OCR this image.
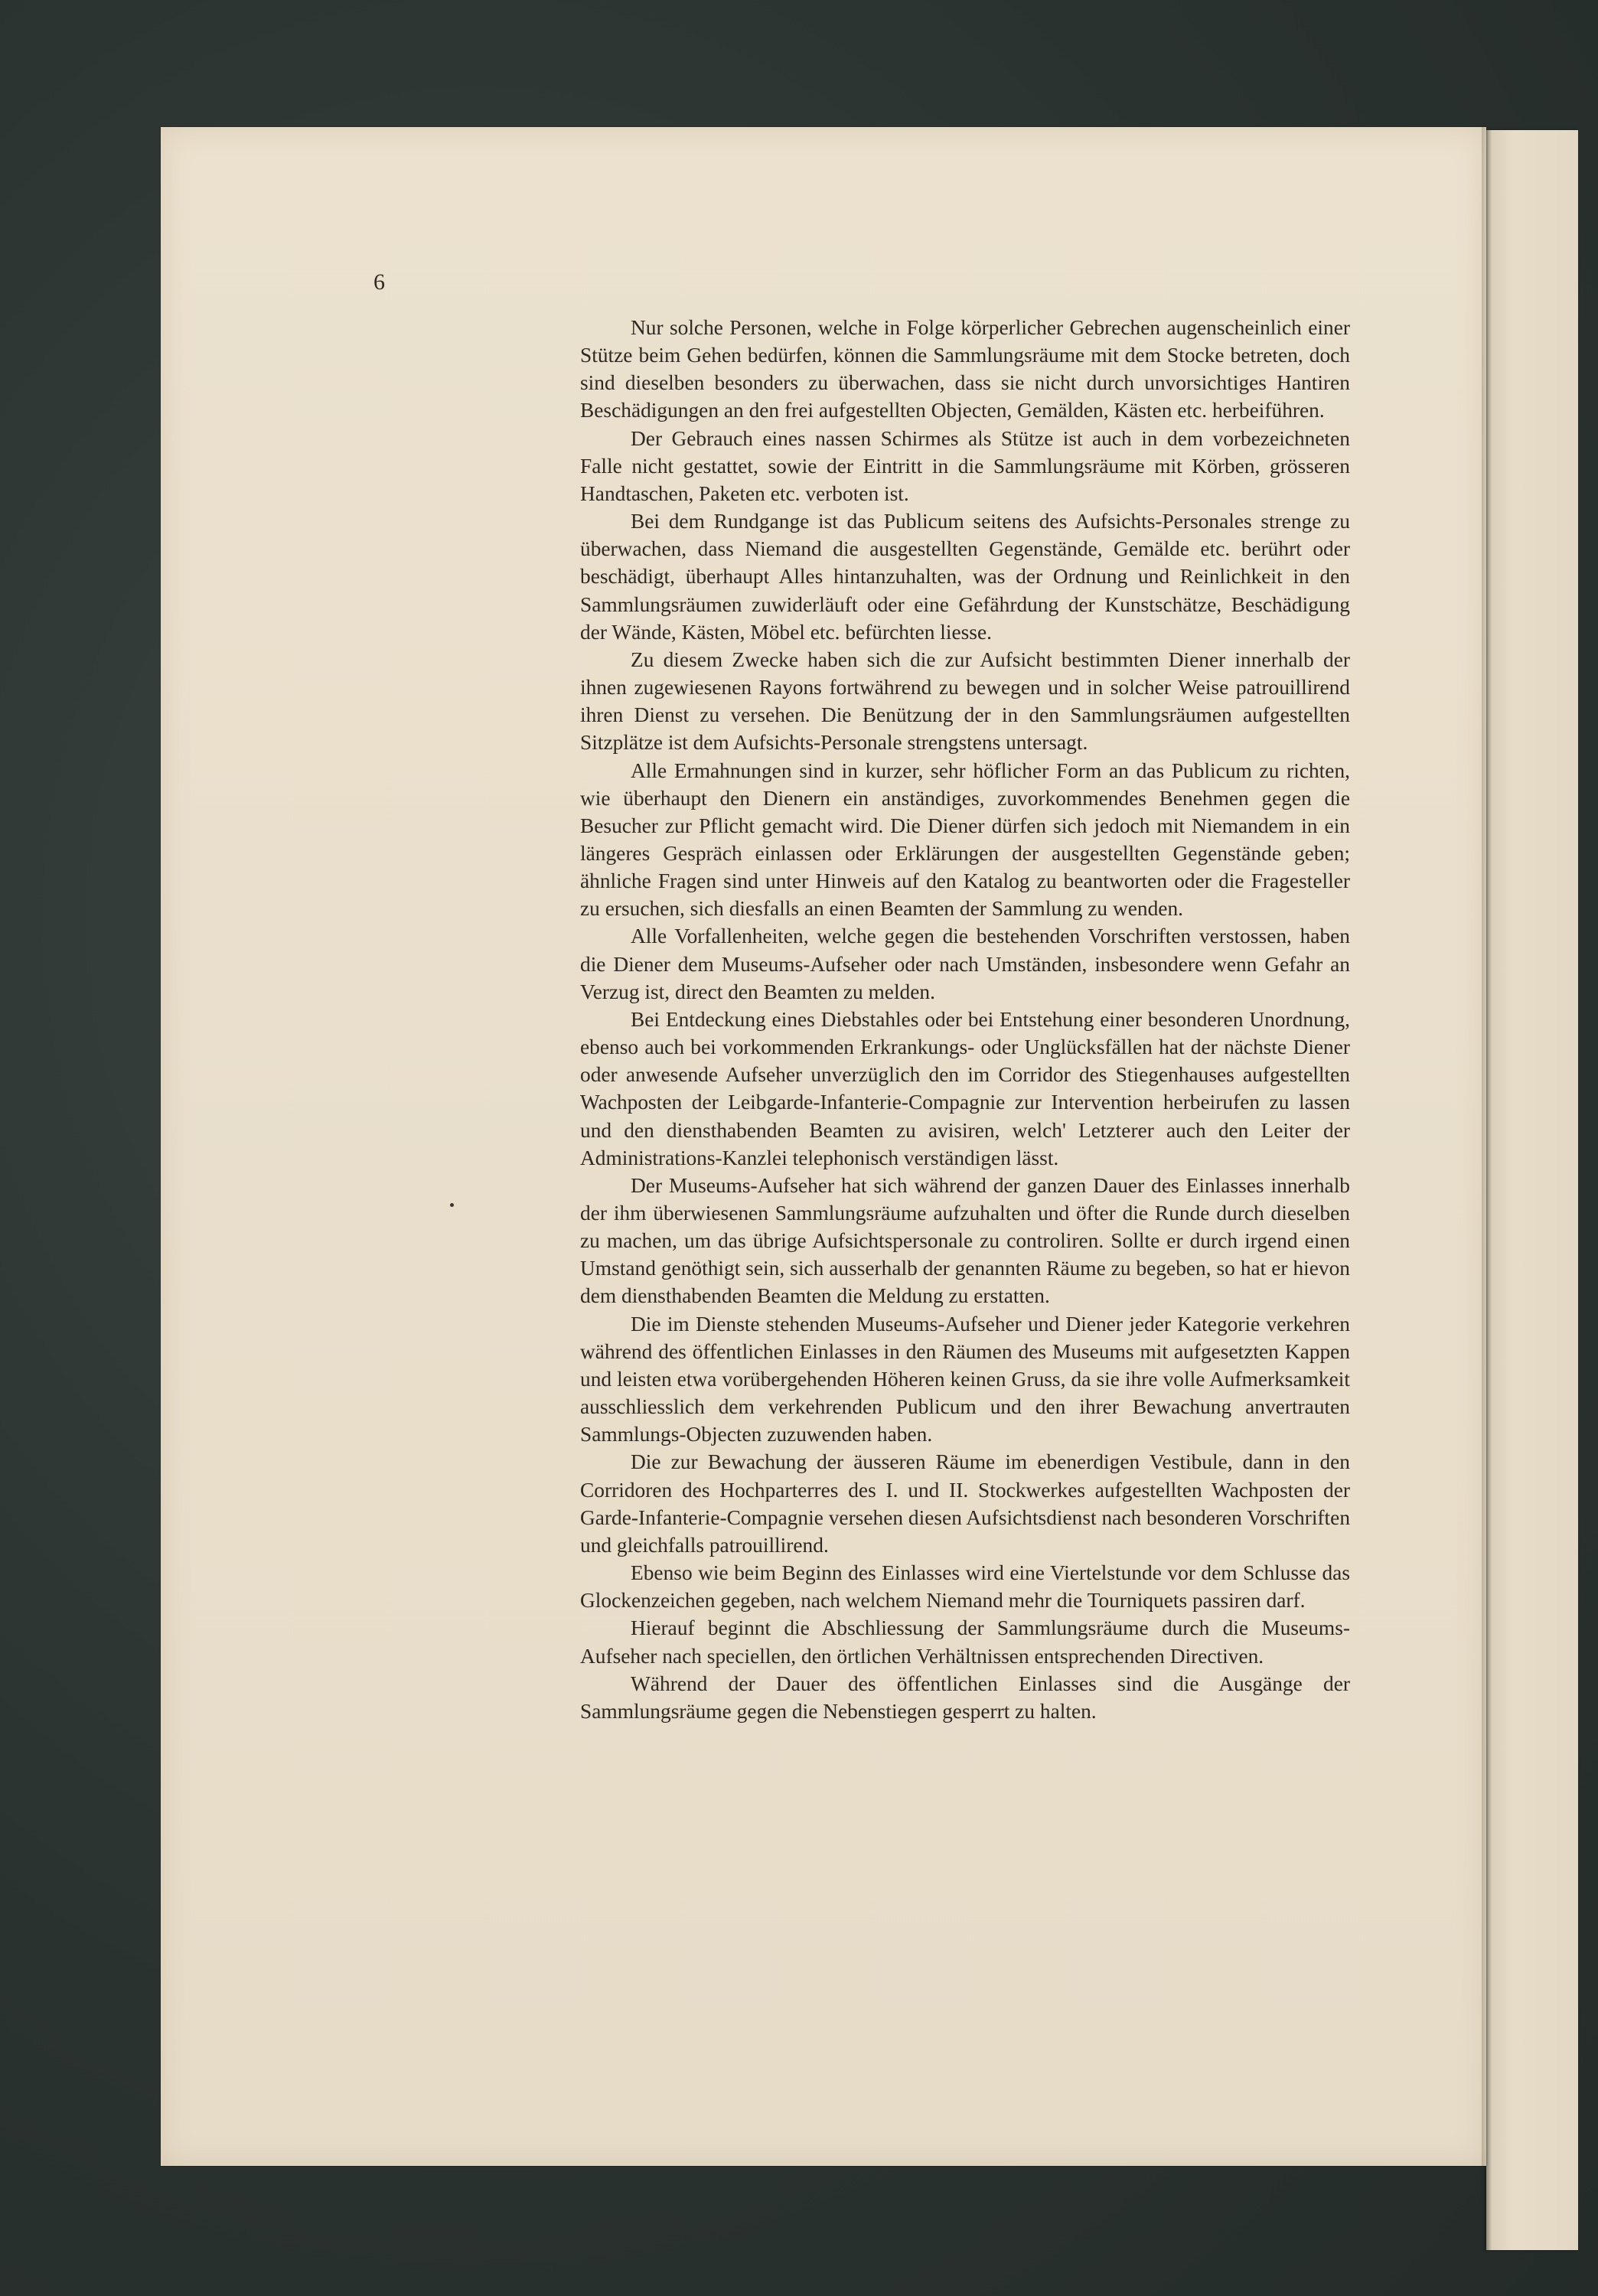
6

Nur solche Personen, welche in Folge körperlicher Gebrechen augenscheinlich einer Stütze beim Gehen bedürfen, können die Sammlungsräume mit dem Stocke betreten, doch sind dieselben besonders zu überwachen, dass sie nicht durch unvorsichtiges Hantiren Beschädigungen an den frei aufgestellten Objecten, Gemälden, Kästen etc. herbeiführen.

Der Gebrauch eines nassen Schirmes als Stütze ist auch in dem vorbezeichneten Falle nicht gestattet, sowie der Eintritt in die Sammlungsräume mit Körben, grösseren Handtaschen, Paketen etc. verboten ist.

Bei dem Rundgange ist das Publicum seitens des Aufsichts-Personales strenge zu überwachen, dass Niemand die ausgestellten Gegenstände, Gemälde etc. berührt oder beschädigt, überhaupt Alles hintanzuhalten, was der Ordnung und Reinlichkeit in den Sammlungsräumen zuwiderläuft oder eine Gefährdung der Kunstschätze, Beschädigung der Wände, Kästen, Möbel etc. befürchten liesse.

Zu diesem Zwecke haben sich die zur Aufsicht bestimmten Diener innerhalb der ihnen zugewiesenen Rayons fortwährend zu bewegen und in solcher Weise patrouillirend ihren Dienst zu versehen. Die Benützung der in den Sammlungsräumen aufgestellten Sitzplätze ist dem Aufsichts-Personale strengstens untersagt.

Alle Ermahnungen sind in kurzer, sehr höflicher Form an das Publicum zu richten, wie überhaupt den Dienern ein anständiges, zuvorkommendes Benehmen gegen die Besucher zur Pflicht gemacht wird. Die Diener dürfen sich jedoch mit Niemandem in ein längeres Gespräch einlassen oder Erklärungen der ausgestellten Gegenstände geben; ähnliche Fragen sind unter Hinweis auf den Katalog zu beantworten oder die Fragesteller zu ersuchen, sich diesfalls an einen Beamten der Sammlung zu wenden.

Alle Vorfallenheiten, welche gegen die bestehenden Vorschriften verstossen, haben die Diener dem Museums-Aufseher oder nach Umständen, insbesondere wenn Gefahr an Verzug ist, direct den Beamten zu melden.

Bei Entdeckung eines Diebstahles oder bei Entstehung einer besonderen Unordnung, ebenso auch bei vorkommenden Erkrankungs- oder Unglücksfällen hat der nächste Diener oder anwesende Aufseher unverzüglich den im Corridor des Stiegenhauses aufgestellten Wachposten der Leibgarde-Infanterie-Compagnie zur Intervention herbeirufen zu lassen und den diensthabenden Beamten zu avisiren, welch' Letzterer auch den Leiter der Administrations-Kanzlei telephonisch verständigen lässt.

Der Museums-Aufseher hat sich während der ganzen Dauer des Einlasses innerhalb der ihm überwiesenen Sammlungsräume aufzuhalten und öfter die Runde durch dieselben zu machen, um das übrige Aufsichtspersonale zu controliren. Sollte er durch irgend einen Umstand genöthigt sein, sich ausserhalb der genannten Räume zu begeben, so hat er hievon dem diensthabenden Beamten die Meldung zu erstatten.

Die im Dienste stehenden Museums-Aufseher und Diener jeder Kategorie verkehren während des öffentlichen Einlasses in den Räumen des Museums mit aufgesetzten Kappen und leisten etwa vorübergehenden Höheren keinen Gruss, da sie ihre volle Aufmerksamkeit ausschliesslich dem verkehrenden Publicum und den ihrer Bewachung anvertrauten Sammlungs-Objecten zuzuwenden haben.

Die zur Bewachung der äusseren Räume im ebenerdigen Vestibule, dann in den Corridoren des Hochparterres des I. und II. Stockwerkes aufgestellten Wachposten der Garde-Infanterie-Compagnie versehen diesen Aufsichtsdienst nach besonderen Vorschriften und gleichfalls patrouillirend.

Ebenso wie beim Beginn des Einlasses wird eine Viertelstunde vor dem Schlusse das Glockenzeichen gegeben, nach welchem Niemand mehr die Tourniquets passiren darf.

Hierauf beginnt die Abschliessung der Sammlungsräume durch die Museums-Aufseher nach speciellen, den örtlichen Verhältnissen entsprechenden Directiven.

Während der Dauer des öffentlichen Einlasses sind die Ausgänge der Sammlungsräume gegen die Nebenstiegen gesperrt zu halten.
